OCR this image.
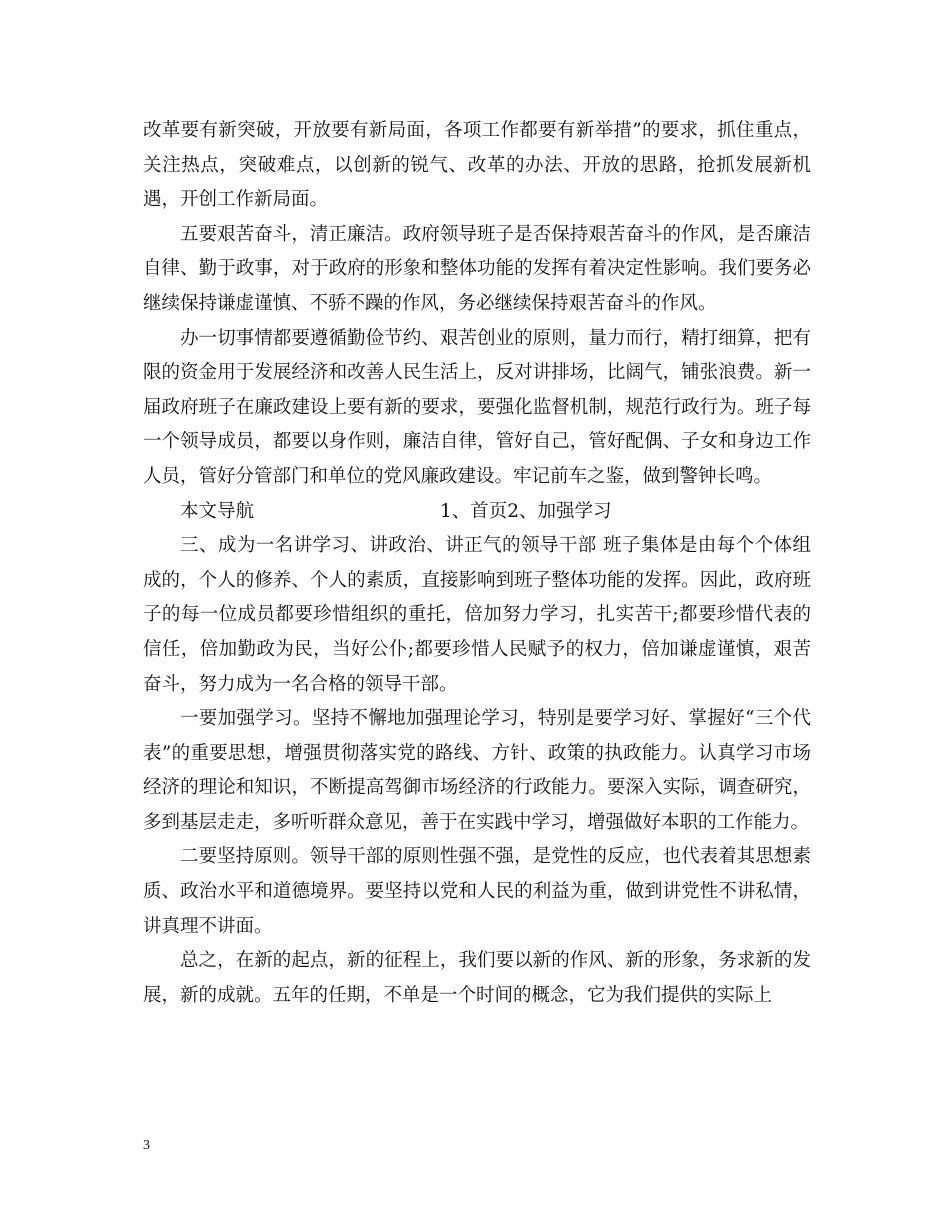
改革要有新突破，开放要有新局面，各项工作都要有新举措”的要求，抓住重点，关注热点，突破难点，以创新的锐气、改革的办法、开放的思路，抢抓发展新机遇，开创工作新局面。

五要艰苦奋斗，清正廉洁。政府领导班子是否保持艰苦奋斗的作风，是否廉洁自律、勤于政事，对于政府的形象和整体功能的发挥有着决定性影响。我们要务必继续保持谦虚谨慎、不骄不躁的作风，务必继续保持艰苦奋斗的作风。

办一切事情都要遵循勤俭节约、艰苦创业的原则，量力而行，精打细算，把有限的资金用于发展经济和改善人民生活上，反对讲排场，比阔气，铺张浪费。新一届政府班子在廉政建设上要有新的要求，要强化监督机制，规范行政行为。班子每一个领导成员，都要以身作则，廉洁自律，管好自己，管好配偶、子女和身边工作人员，管好分管部门和单位的党风廉政建设。牢记前车之鉴，做到警钟长鸣。

本文导航	1、首页2、加强学习

三、成为一名讲学习、讲政治、讲正气的领导干部 班子集体是由每个个体组成的，个人的修养、个人的素质，直接影响到班子整体功能的发挥。因此，政府班子的每一位成员都要珍惜组织的重托，倍加努力学习，扎实苦干;都要珍惜代表的信任，倍加勤政为民，当好公仆;都要珍惜人民赋予的权力，倍加谦虚谨慎，艰苦奋斗，努力成为一名合格的领导干部。

一要加强学习。坚持不懈地加强理论学习，特别是要学习好、掌握好“三个代表”的重要思想，增强贯彻落实党的路线、方针、政策的执政能力。认真学习市场经济的理论和知识，不断提高驾御市场经济的行政能力。要深入实际，调查研究，多到基层走走，多听听群众意见，善于在实践中学习，增强做好本职的工作能力。

二要坚持原则。领导干部的原则性强不强，是党性的反应，也代表着其思想素质、政治水平和道德境界。要坚持以党和人民的利益为重，做到讲党性不讲私情，讲真理不讲面。

总之，在新的起点，新的征程上，我们要以新的作风、新的形象，务求新的发展，新的成就。五年的任期，不单是一个时间的概念，它为我们提供的实际上

3
